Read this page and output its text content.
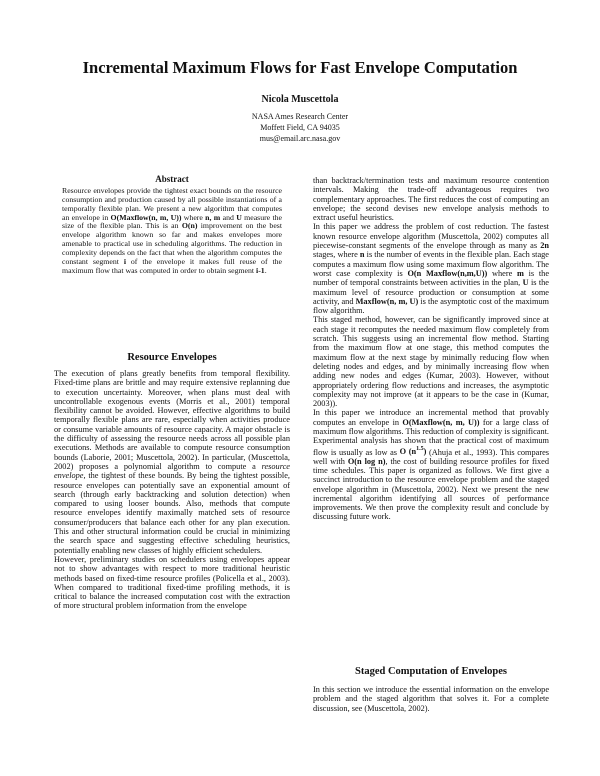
Incremental Maximum Flows for Fast Envelope Computation
Nicola Muscettola
NASA Ames Research Center
Moffett Field, CA 94035
mus@email.arc.nasa.gov
Abstract
Resource envelopes provide the tightest exact bounds on the resource consumption and production caused by all possible instantiations of a temporally flexible plan. We present a new algorithm that computes an envelope in O(Maxflow(n, m, U)) where n, m and U measure the size of the flexible plan. This is an O(n) improvement on the best envelope algorithm known so far and makes envelopes more amenable to practical use in scheduling algorithms. The reduction in complexity depends on the fact that when the algorithm computes the constant segment i of the envelope it makes full reuse of the maximum flow that was computed in order to obtain segment i-1.
Resource Envelopes

The execution of plans greatly benefits from temporal flexibility. Fixed-time plans are brittle and may require extensive replanning due to execution uncertainty. Moreover, when plans must deal with uncontrollable exogenous events (Morris et al., 2001) temporal flexibility cannot be avoided. However, effective algorithms to build temporally flexible plans are rare, especially when activities produce or consume variable amounts of resource capacity. A major obstacle is the difficulty of assessing the resource needs across all possible plan executions. Methods are available to compute resource consumption bounds (Laborie, 2001; Muscettola, 2002). In particular, (Muscettola, 2002) proposes a polynomial algorithm to compute a resource envelope, the tightest of these bounds. By being the tightest possible, resource envelopes can potentially save an exponential amount of search (through early backtracking and solution detection) when compared to using looser bounds. Also, methods that compute resource envelopes identify maximally matched sets of resource consumer/producers that balance each other for any plan execution. This and other structural information could be crucial in minimizing the search space and suggesting effective scheduling heuristics, potentially enabling new classes of highly efficient schedulers.

However, preliminary studies on schedulers using envelopes appear not to show advantages with respect to more traditional heuristic methods based on fixed-time resource profiles (Policella et al., 2003). When compared to traditional fixed-time profiling methods, it is critical to balance the increased computation cost with the extraction of more structural problem information from the envelope

than backtrack/termination tests and maximum resource contention intervals. Making the trade-off advantageous requires two complementary approaches. The first reduces the cost of computing an envelope; the second devises new envelope analysis methods to extract useful heuristics.

In this paper we address the problem of cost reduction. The fastest known resource envelope algorithm (Muscettola, 2002) computes all piecewise-constant segments of the envelope through as many as 2n stages, where n is the number of events in the flexible plan. Each stage computes a maximum flow using some maximum flow algorithm. The worst case complexity is O(n Maxflow(n,m,U)) where m is the number of temporal constraints between activities in the plan, U is the maximum level of resource production or consumption at some activity, and Maxflow(n, m, U) is the asymptotic cost of the maximum flow algorithm.

This staged method, however, can be significantly improved since at each stage it recomputes the needed maximum flow completely from scratch. This suggests using an incremental flow method. Starting from the maximum flow at one stage, this method computes the maximum flow at the next stage by minimally reducing flow when deleting nodes and edges, and by minimally increasing flow when adding new nodes and edges (Kumar, 2003). However, without appropriately ordering flow reductions and increases, the asymptotic complexity may not improve (at it appears to be the case in (Kumar, 2003)).

In this paper we introduce an incremental method that provably computes an envelope in O(Maxflow(n, m, U)) for a large class of maximum flow algorithms. This reduction of complexity is significant. Experimental analysis has shown that the practical cost of maximum flow is usually as low as O $(n^{1.5})$ (Ahuja et al., 1993). This compares well with O(n log n), the cost of building resource profiles for fixed time schedules. This paper is organized as follows. We first give a succinct introduction to the resource envelope problem and the staged envelope algorithm in (Muscettola, 2002). Next we present the new incremental algorithm identifying all sources of performance improvements. We then prove the complexity result and conclude by discussing future work.

Staged Computation of Envelopes

In this section we introduce the essential information on the envelope problem and the staged algorithm that solves it. For a complete discussion, see (Muscettola, 2002).
